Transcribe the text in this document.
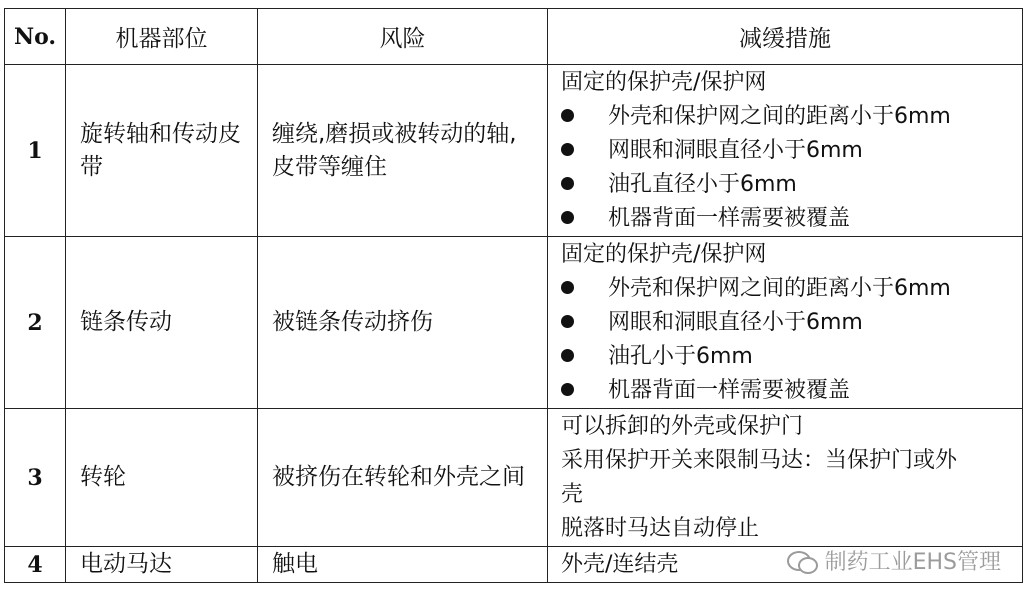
No.	机器部位	风险	减缓措施
1	旋转轴和传动皮带	缠绕,磨损或被转动的轴,皮带等缠住	固定的保护壳/保护网
外壳和保护网之间的距离小于6mm
网眼和洞眼直径小于6mm
油孔直径小于6mm
机器背面一样需要被覆盖

2	链条传动	被链条传动挤伤	固定的保护壳/保护网
外壳和保护网之间的距离小于6mm
网眼和洞眼直径小于6mm
油孔小于6mm
机器背面一样需要被覆盖

3	转轮	被挤伤在转轮和外壳之间	可以拆卸的外壳或保护门
采用保护开关来限制马达：当保护门或外
壳
脱落时马达自动停止

4	电动马达	触电	外壳/连结壳	制药工业EHS管理
